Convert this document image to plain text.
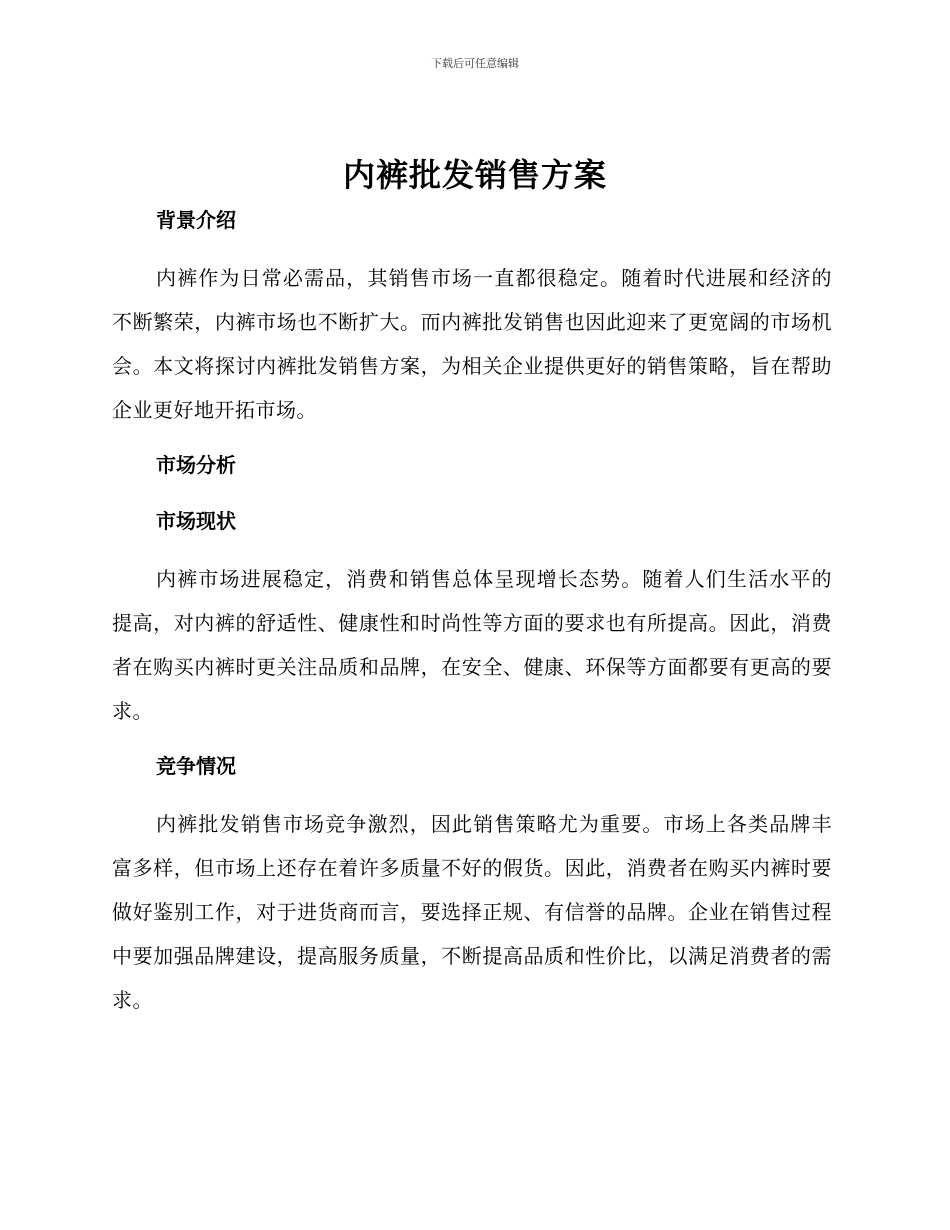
下载后可任意编辑
内裤批发销售方案
背景介绍

内裤作为日常必需品，其销售市场一直都很稳定。随着时代进展和经济的不断繁荣，内裤市场也不断扩大。而内裤批发销售也因此迎来了更宽阔的市场机会。本文将探讨内裤批发销售方案，为相关企业提供更好的销售策略，旨在帮助企业更好地开拓市场。

市场分析
市场现状

内裤市场进展稳定，消费和销售总体呈现增长态势。随着人们生活水平的提高，对内裤的舒适性、健康性和时尚性等方面的要求也有所提高。因此，消费者在购买内裤时更关注品质和品牌，在安全、健康、环保等方面都要有更高的要求。

竞争情况

内裤批发销售市场竞争激烈，因此销售策略尤为重要。市场上各类品牌丰富多样，但市场上还存在着许多质量不好的假货。因此，消费者在购买内裤时要做好鉴别工作，对于进货商而言，要选择正规、有信誉的品牌。企业在销售过程中要加强品牌建设，提高服务质量，不断提高品质和性价比，以满足消费者的需求。
